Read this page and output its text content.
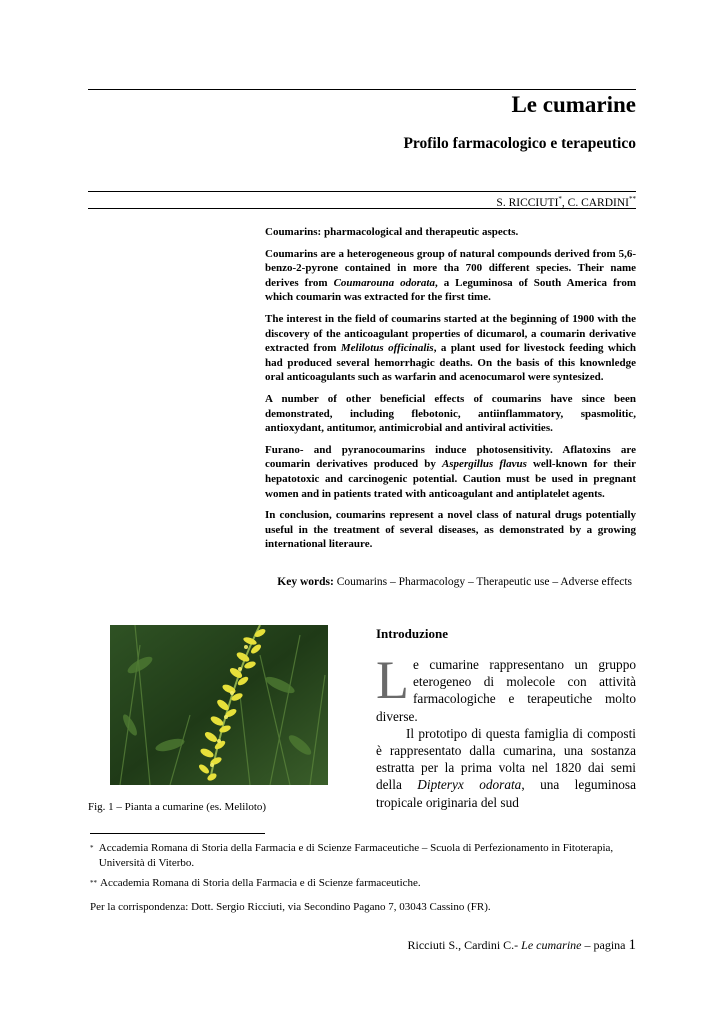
Le cumarine
Profilo farmacologico e terapeutico
S. RICCIUTI*, C. CARDINI**

Coumarins: pharmacological and therapeutic aspects.

Coumarins are a heterogeneous group of natural compounds derived from 5,6-benzo-2-pyrone contained in more tha 700 different species. Their name derives from Coumarouna odorata, a Leguminosa of South America from which coumarin was extracted for the first time.

The interest in the field of coumarins started at the beginning of 1900 with the discovery of the anticoagulant properties of dicumarol, a coumarin derivative extracted from Melilotus officinalis, a plant used for livestock feeding which had produced several hemorrhagic deaths. On the basis of this knownledge oral anticoagulants such as warfarin and acenocumarol were syntesized.

A number of other beneficial effects of coumarins have since been demonstrated, including flebotonic, antiinflammatory, spasmolitic, antioxydant, antitumor, antimicrobial and antiviral activities.

Furano- and pyranocoumarins induce photosensitivity. Aflatoxins are coumarin derivatives produced by Aspergillus flavus well-known for their hepatotoxic and carcinogenic potential. Caution must be used in pregnant women and in patients trated with anticoagulant and antiplatelet agents.

In conclusion, coumarins represent a novel class of natural drugs potentially useful in the treatment of several diseases, as demonstrated by a growing international literaure.

Key words: Coumarins – Pharmacology – Therapeutic use – Adverse effects
Fig. 1 – Pianta a cumarine (es. Meliloto)
Introduzione

Le cumarine rappresentano un gruppo eterogeneo di molecole con attività farmacologiche e terapeutiche molto diverse.

Il prototipo di questa famiglia di composti è rappresentato dalla cumarina, una sostanza estratta per la prima volta nel 1820 dai semi della Dipteryx odorata, una leguminosa tropicale originaria del sud

* Accademia Romana di Storia della Farmacia e di Scienze Farmaceutiche – Scuola di Perfezionamento in Fitoterapia, Università di Viterbo.
** Accademia Romana di Storia della Farmacia e di Scienze farmaceutiche.
Per la corrispondenza: Dott. Sergio Ricciuti, via Secondino Pagano 7, 03043 Cassino (FR).
Ricciuti S., Cardini C.- Le cumarine – pagina 1
